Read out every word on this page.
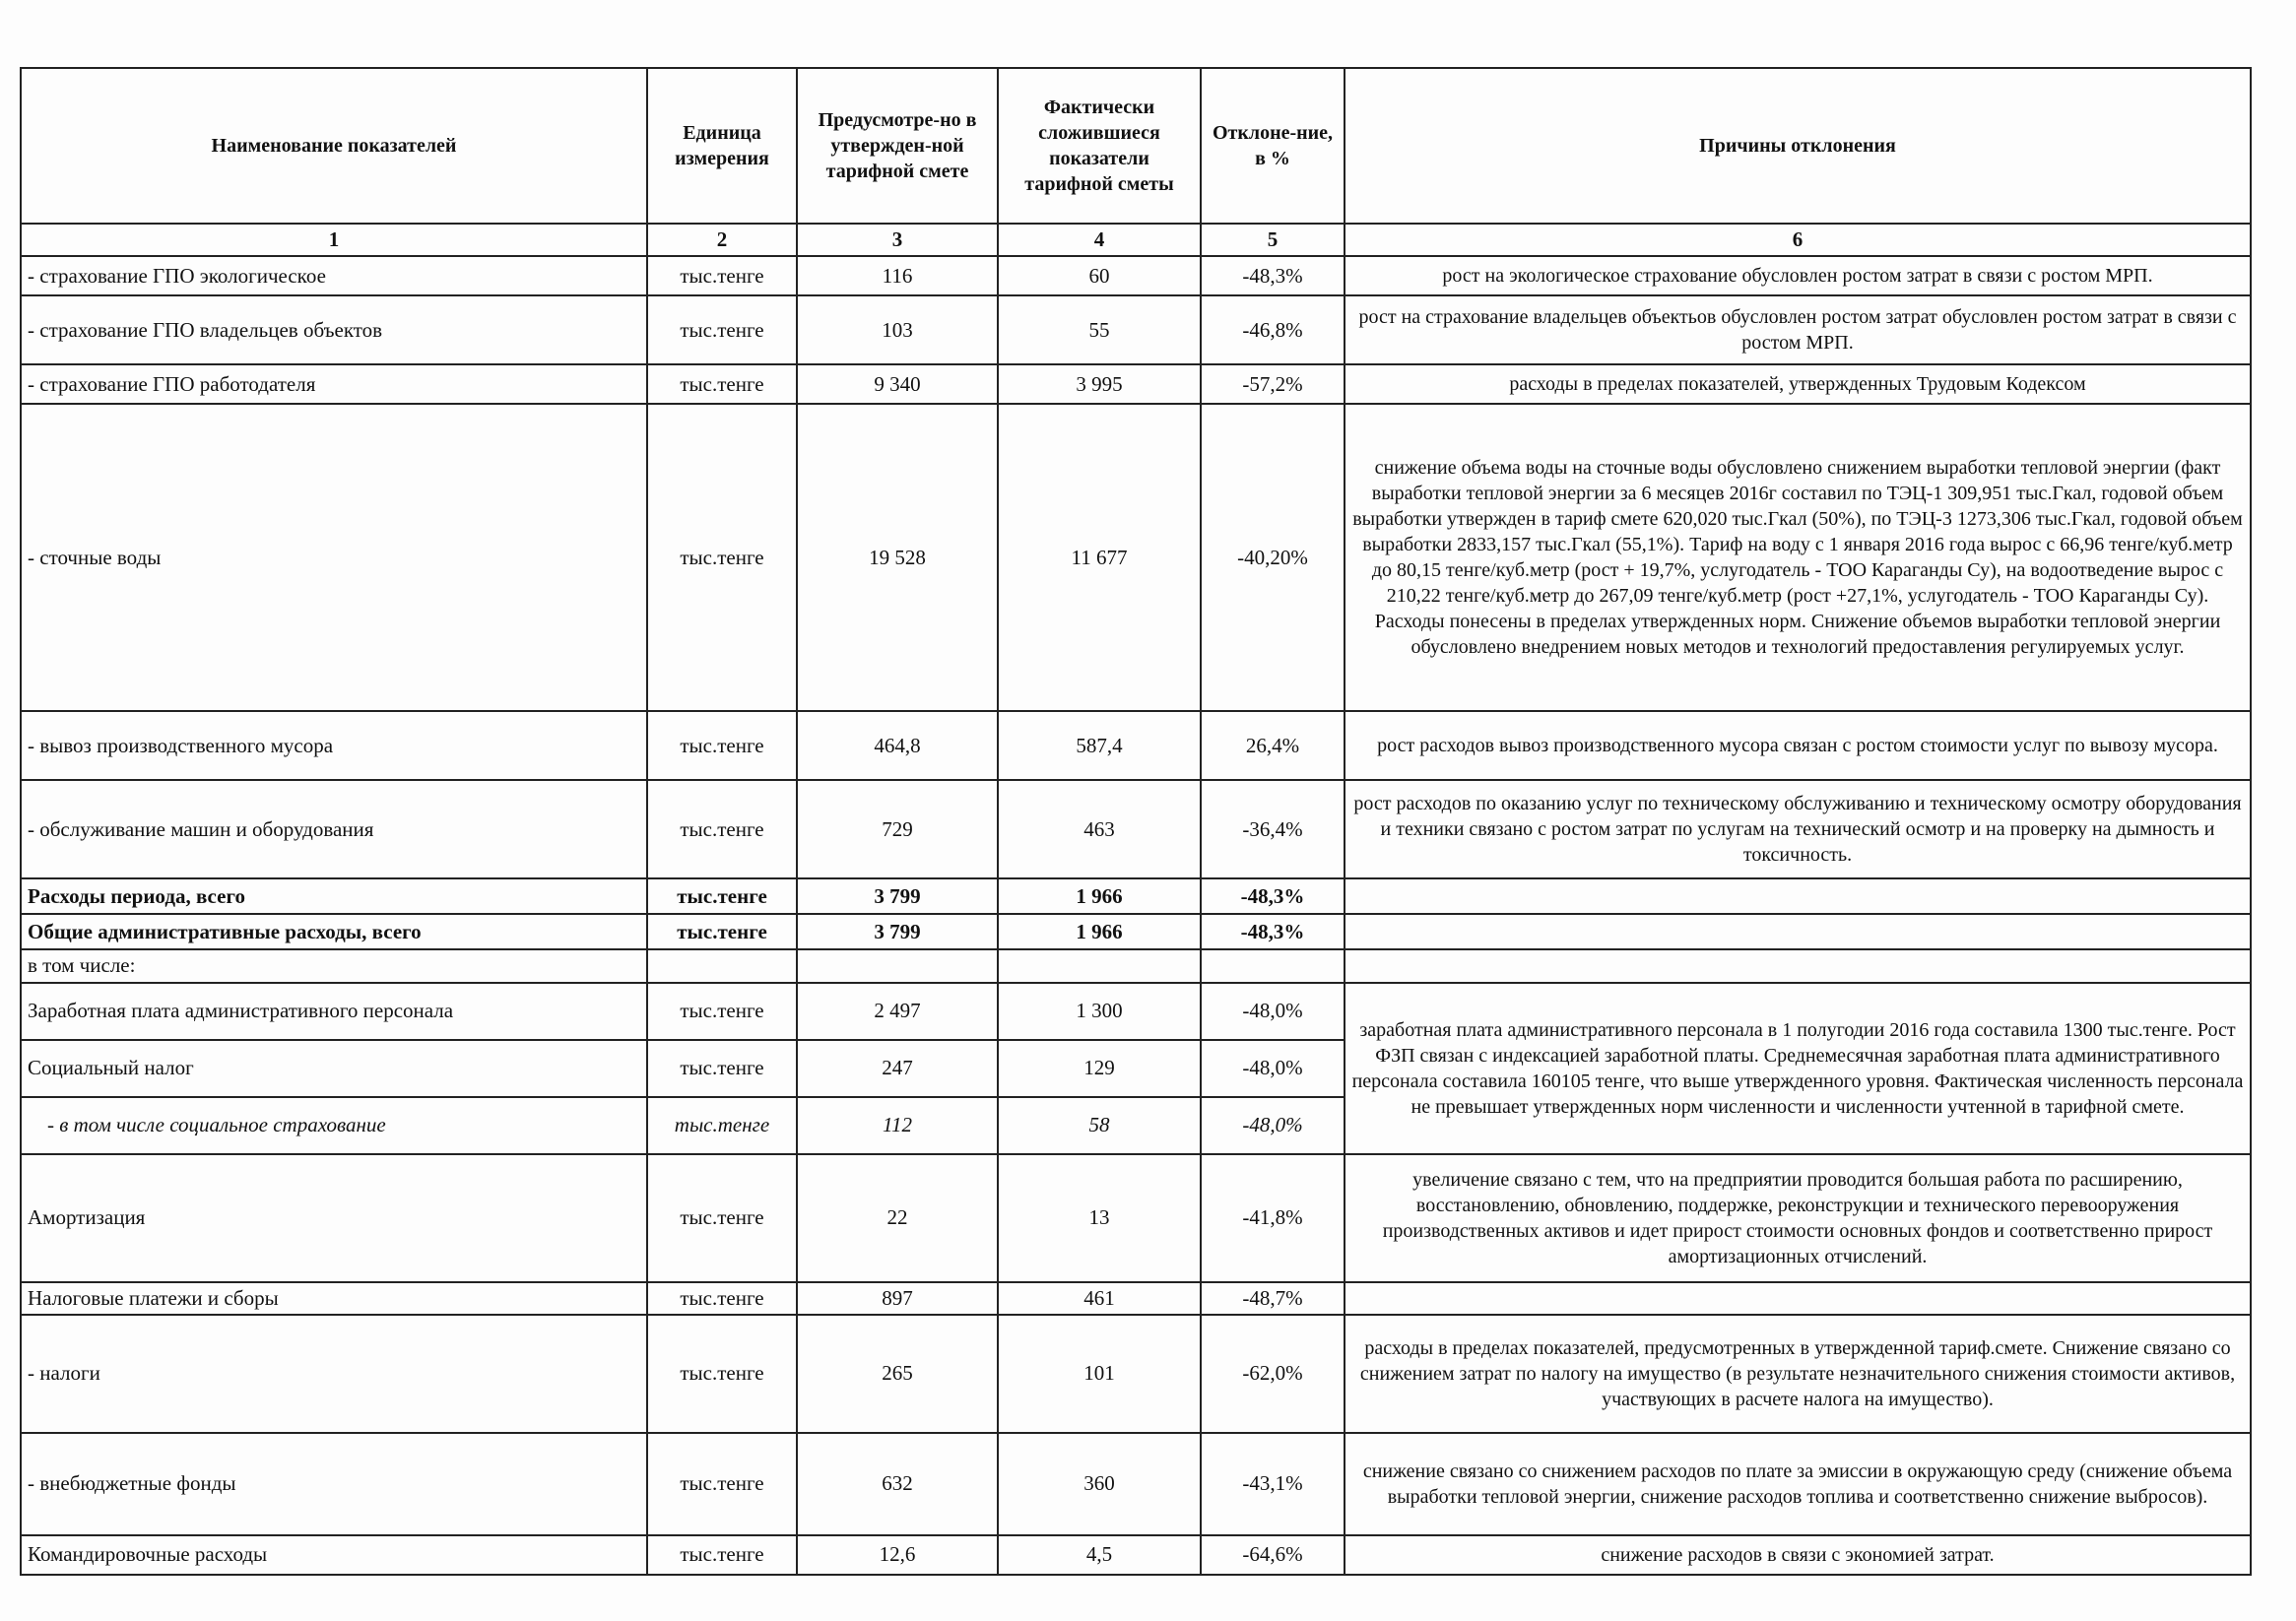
Наименование показателей	Единица измерения	Предусмотре-но в утвержден-ной тарифной смете	Фактически сложившиеся показатели тарифной сметы	Отклоне-ние, в %	Причины отклонения
1	2	3	4	5	6
- страхование ГПО экологическое	тыс.тенге	116	60	-48,3%	рост на экологическое страхование обусловлен ростом затрат в связи с ростом МРП.
- страхование ГПО владельцев объектов	тыс.тенге	103	55	-46,8%	рост на страхование владельцев объектьов обусловлен ростом затрат обусловлен ростом затрат в связи с ростом МРП.
- страхование ГПО работодателя	тыс.тенге	9 340	3 995	-57,2%	расходы в пределах показателей, утвержденных Трудовым Кодексом
- сточные воды	тыс.тенге	19 528	11 677	-40,20%	снижение объема воды на сточные воды обусловлено снижением выработки тепловой энергии (факт выработки тепловой энергии за 6 месяцев 2016г составил по ТЭЦ-1 309,951 тыс.Гкал, годовой объем выработки утвержден в тариф смете 620,020 тыс.Гкал (50%), по ТЭЦ-3 1273,306 тыс.Гкал, годовой объем выработки 2833,157 тыс.Гкал (55,1%). Тариф на воду с 1 января 2016 года вырос с 66,96 тенге/куб.метр до 80,15 тенге/куб.метр (рост + 19,7%, услугодатель - ТОО Караганды Су), на водоотведение вырос с 210,22 тенге/куб.метр до 267,09 тенге/куб.метр (рост +27,1%, услугодатель - ТОО Караганды Су). Расходы понесены в пределах утвержденных норм. Снижение объемов выработки тепловой энергии обусловлено внедрением новых методов и технологий предоставления регулируемых услуг.
- вывоз производственного мусора	тыс.тенге	464,8	587,4	26,4%	рост расходов вывоз производственного мусора связан с ростом стоимости услуг по вывозу мусора.
- обслуживание машин и оборудования	тыс.тенге	729	463	-36,4%	рост расходов по оказанию услуг по техническому обслуживанию и техническому осмотру оборудования и техники связано с ростом затрат по услугам на технический осмотр и на проверку на дымность и токсичность.
Расходы периода, всего	тыс.тенге	3 799	1 966	-48,3%	
Общие административные расходы, всего	тыс.тенге	3 799	1 966	-48,3%	
в том числе:					
Заработная плата административного персонала	тыс.тенге	2 497	1 300	-48,0%	заработная плата административного персонала в 1 полугодии 2016 года составила 1300 тыс.тенге. Рост ФЗП связан с индексацией заработной платы. Среднемесячная заработная плата административного персонала составила 160105 тенге, что выше утвержденного уровня. Фактическая численность персонала не превышает утвержденных норм численности и численности учтенной в тарифной смете.
Социальный налог	тыс.тенге	247	129	-48,0%	
- в том числе социальное страхование	тыс.тенге	112	58	-48,0%	
Амортизация	тыс.тенге	22	13	-41,8%	увеличение связано с тем, что на предприятии проводится большая работа по расширению, восстановлению, обновлению, поддержке, реконструкции и технического перевооружения производственных активов и идет прирост стоимости основных фондов и соответственно прирост амортизационных отчислений.
Налоговые платежи и сборы	тыс.тенге	897	461	-48,7%	
- налоги	тыс.тенге	265	101	-62,0%	расходы в пределах показателей, предусмотренных в утвержденной тариф.смете. Снижение связано со снижением затрат по налогу на имущество (в результате незначительного снижения стоимости активов, участвующих в расчете налога на имущество).
- внебюджетные фонды	тыс.тенге	632	360	-43,1%	снижение связано со снижением расходов по плате за эмиссии в окружающую среду (снижение объема выработки тепловой энергии, снижение расходов топлива и соответственно снижение выбросов).
Командировочные расходы	тыс.тенге	12,6	4,5	-64,6%	снижение расходов в связи с экономией затрат.
